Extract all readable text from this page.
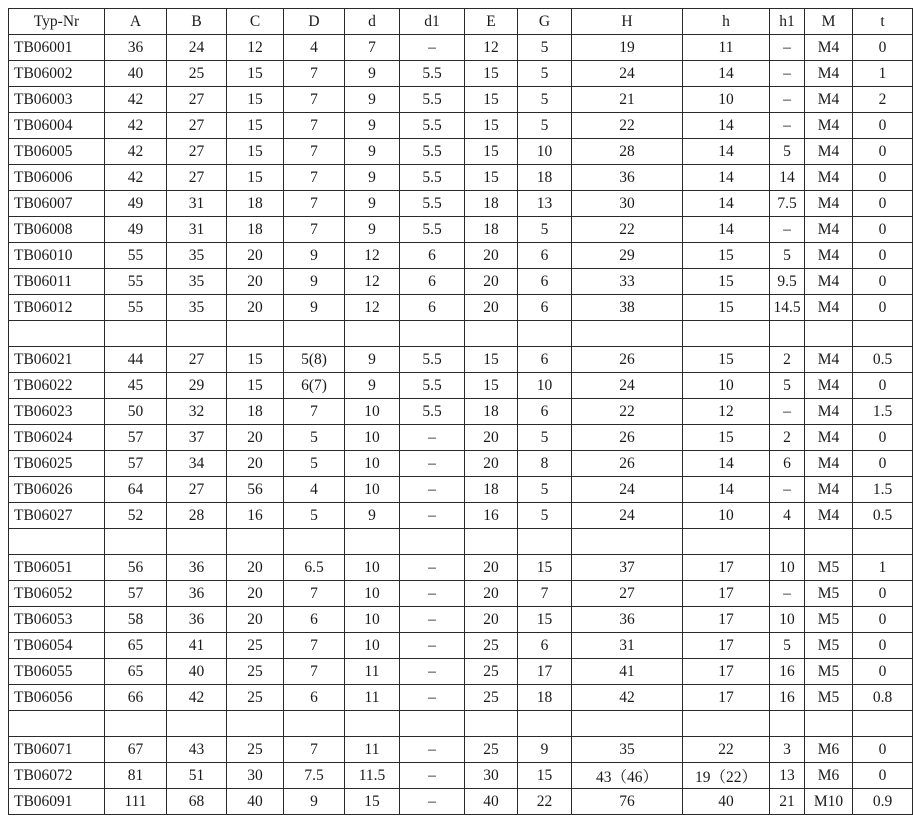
Typ-Nr	A	B	C	D	d	d1	E	G	H	h	h1	M	t
TB06001	36	24	12	4	7	–	12	5	19	11	–	M4	0
TB06002	40	25	15	7	9	5.5	15	5	24	14	–	M4	1
TB06003	42	27	15	7	9	5.5	15	5	21	10	–	M4	2
TB06004	42	27	15	7	9	5.5	15	5	22	14	–	M4	0
TB06005	42	27	15	7	9	5.5	15	10	28	14	5	M4	0
TB06006	42	27	15	7	9	5.5	15	18	36	14	14	M4	0
TB06007	49	31	18	7	9	5.5	18	13	30	14	7.5	M4	0
TB06008	49	31	18	7	9	5.5	18	5	22	14	–	M4	0
TB06010	55	35	20	9	12	6	20	6	29	15	5	M4	0
TB06011	55	35	20	9	12	6	20	6	33	15	9.5	M4	0
TB06012	55	35	20	9	12	6	20	6	38	15	14.5	M4	0

TB06021	44	27	15	5(8)	9	5.5	15	6	26	15	2	M4	0.5
TB06022	45	29	15	6(7)	9	5.5	15	10	24	10	5	M4	0
TB06023	50	32	18	7	10	5.5	18	6	22	12	–	M4	1.5
TB06024	57	37	20	5	10	–	20	5	26	15	2	M4	0
TB06025	57	34	20	5	10	–	20	8	26	14	6	M4	0
TB06026	64	27	56	4	10	–	18	5	24	14	–	M4	1.5
TB06027	52	28	16	5	9	–	16	5	24	10	4	M4	0.5

TB06051	56	36	20	6.5	10	–	20	15	37	17	10	M5	1
TB06052	57	36	20	7	10	–	20	7	27	17	–	M5	0
TB06053	58	36	20	6	10	–	20	15	36	17	10	M5	0
TB06054	65	41	25	7	10	–	25	6	31	17	5	M5	0
TB06055	65	40	25	7	11	–	25	17	41	17	16	M5	0
TB06056	66	42	25	6	11	–	25	18	42	17	16	M5	0.8

TB06071	67	43	25	7	11	–	25	9	35	22	3	M6	0
TB06072	81	51	30	7.5	11.5	–	30	15	43（46）	19（22）	13	M6	0
TB06091	111	68	40	9	15	–	40	22	76	40	21	M10	0.9
